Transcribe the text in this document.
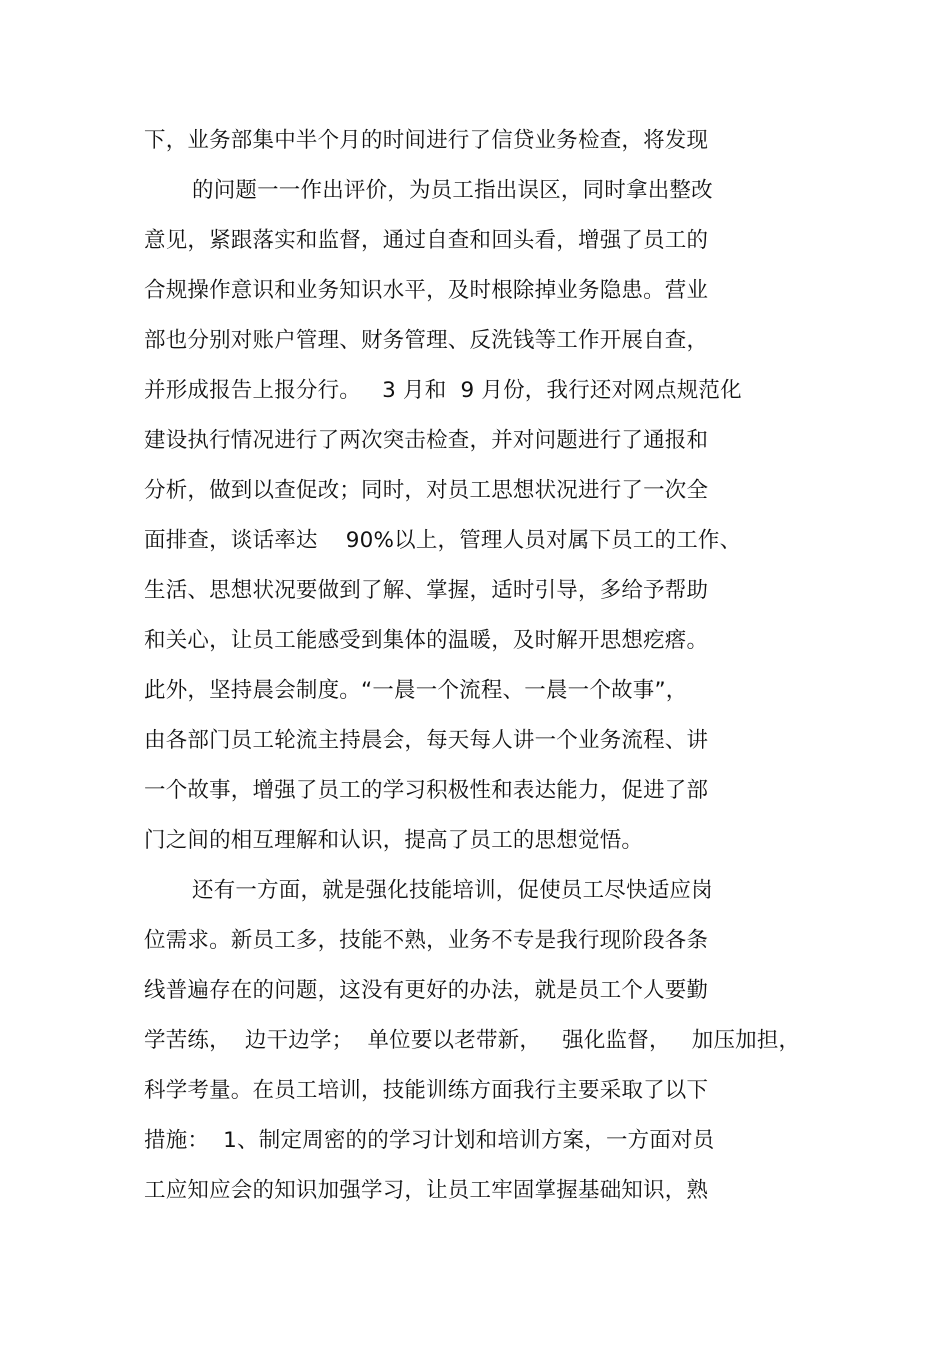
下，业务部集中半个月的时间进行了信贷业务检查，将发现
的问题一一作出评价，为员工指出误区，同时拿出整改
意见，紧跟落实和监督，通过自查和回头看，增强了员工的
合规操作意识和业务知识水平，及时根除掉业务隐患。营业
部也分别对账户管理、财务管理、反洗钱等工作开展自查，
并形成报告上报分行。   3 月和  9 月份，我行还对网点规范化
建设执行情况进行了两次突击检查，并对问题进行了通报和
分析，做到以查促改；同时，对员工思想状况进行了一次全
面排查，谈话率达    90%以上，管理人员对属下员工的工作、
生活、思想状况要做到了解、掌握，适时引导，多给予帮助
和关心，让员工能感受到集体的温暖，及时解开思想疙瘩。
此外，坚持晨会制度。“一晨一个流程、一晨一个故事”，
由各部门员工轮流主持晨会，每天每人讲一个业务流程、讲
一个故事，增强了员工的学习积极性和表达能力，促进了部
门之间的相互理解和认识，提高了员工的思想觉悟。
还有一方面，就是强化技能培训，促使员工尽快适应岗
位需求。新员工多，技能不熟，业务不专是我行现阶段各条
线普遍存在的问题，这没有更好的办法，就是员工个人要勤
学苦练，  边干边学；  单位要以老带新，   强化监督，   加压加担，
科学考量。在员工培训，技能训练方面我行主要采取了以下
措施：  1、制定周密的的学习计划和培训方案，一方面对员
工应知应会的知识加强学习，让员工牢固掌握基础知识，熟
